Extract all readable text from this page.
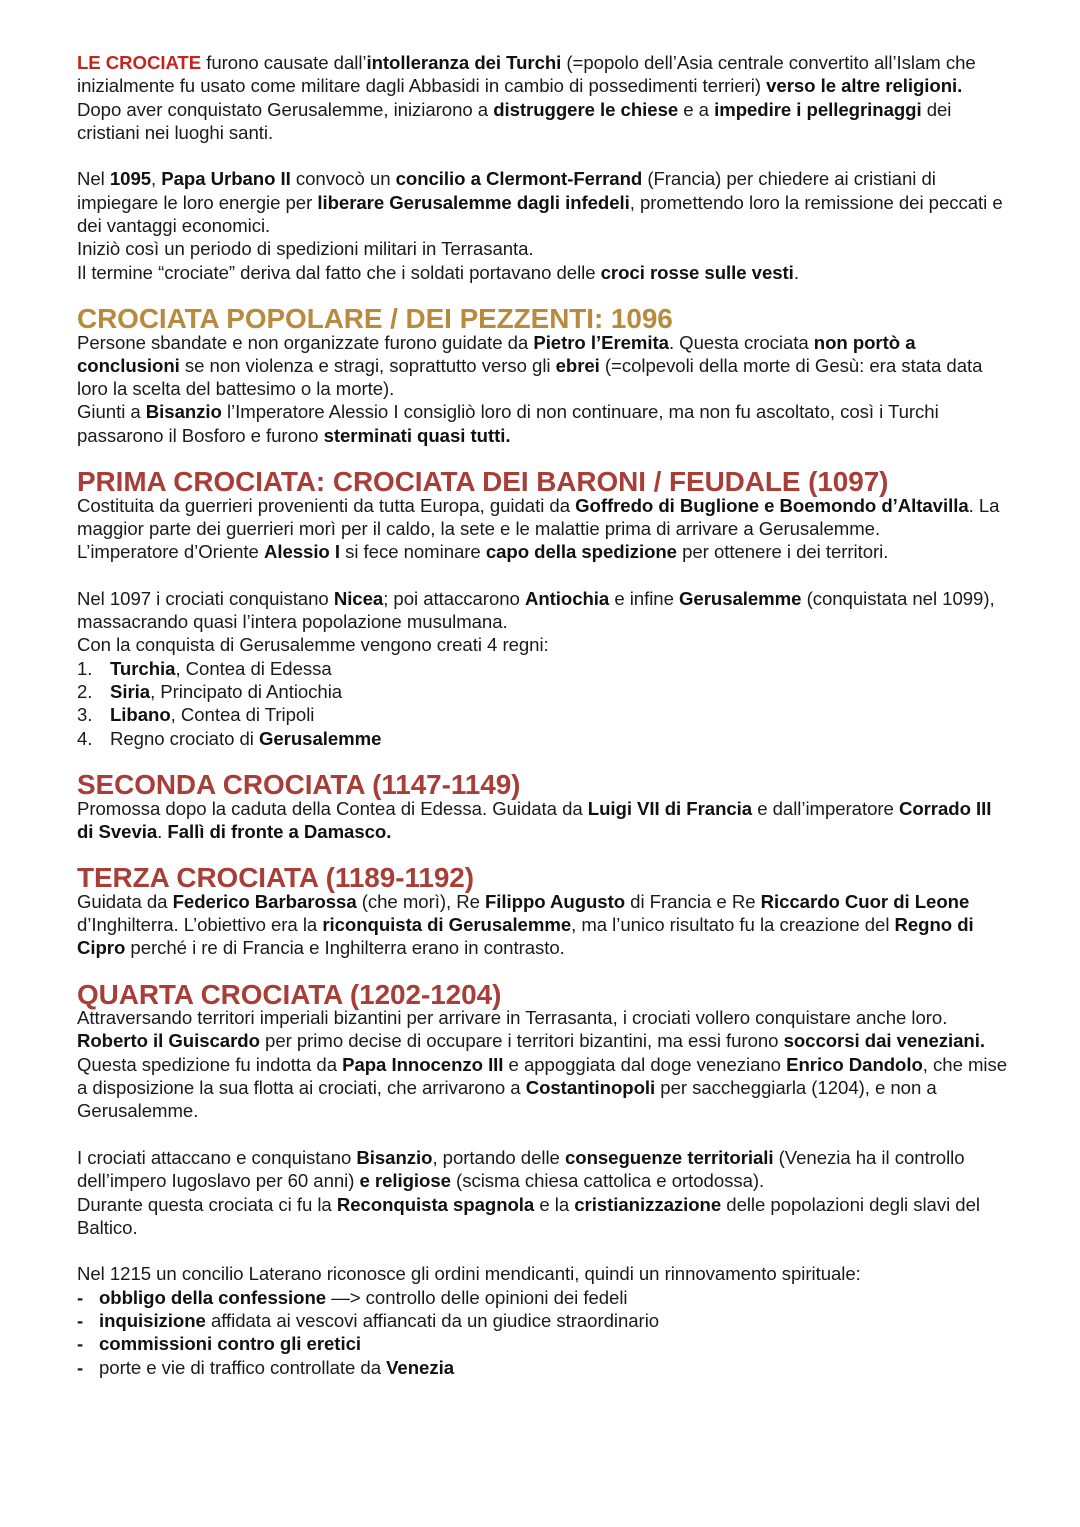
LE CROCIATE furono causate dall’intolleranza dei Turchi (=popolo dell’Asia centrale convertito all’Islam che inizialmente fu usato come militare dagli Abbasidi in cambio di possedimenti terrieri) verso le altre religioni.

Dopo aver conquistato Gerusalemme, iniziarono a distruggere le chiese e a impedire i pellegrinaggi dei cristiani nei luoghi santi.

Nel 1095, Papa Urbano II convocò un concilio a Clermont-Ferrand (Francia) per chiedere ai cristiani di impiegare le loro energie per liberare Gerusalemme dagli infedeli, promettendo loro la remissione dei peccati e dei vantaggi economici.

Iniziò così un periodo di spedizioni militari in Terrasanta.

Il termine “crociate” deriva dal fatto che i soldati portavano delle croci rosse sulle vesti.

CROCIATA POPOLARE / DEI PEZZENTI: 1096

Persone sbandate e non organizzate furono guidate da Pietro l’Eremita. Questa crociata non portò a conclusioni se non violenza e stragi, soprattutto verso gli ebrei (=colpevoli della morte di Gesù: era stata data loro la scelta del battesimo o la morte).

Giunti a Bisanzio l’Imperatore Alessio I consigliò loro di non continuare, ma non fu ascoltato, così i Turchi passarono il Bosforo e furono sterminati quasi tutti.

PRIMA CROCIATA: CROCIATA DEI BARONI / FEUDALE (1097)

Costituita da guerrieri provenienti da tutta Europa, guidati da Goffredo di Buglione e Boemondo d’Altavilla. La maggior parte dei guerrieri morì per il caldo, la sete e le malattie prima di arrivare a Gerusalemme.

L’imperatore d’Oriente Alessio I si fece nominare capo della spedizione per ottenere i dei territori.

Nel 1097 i crociati conquistano Nicea; poi attaccarono Antiochia e infine Gerusalemme (conquistata nel 1099), massacrando quasi l’intera popolazione musulmana.

Con la conquista di Gerusalemme vengono creati 4 regni:

1. Turchia, Contea di Edessa
2. Siria, Principato di Antiochia
3. Libano, Contea di Tripoli
4. Regno crociato di Gerusalemme
SECONDA CROCIATA (1147-1149)

Promossa dopo la caduta della Contea di Edessa. Guidata da Luigi VII di Francia e dall’imperatore Corrado III di Svevia. Fallì di fronte a Damasco.

TERZA CROCIATA (1189-1192)

Guidata da Federico Barbarossa (che morì), Re Filippo Augusto di Francia e Re Riccardo Cuor di Leone d’Inghilterra. L’obiettivo era la riconquista di Gerusalemme, ma l’unico risultato fu la creazione del Regno di Cipro perché i re di Francia e Inghilterra erano in contrasto.

QUARTA CROCIATA (1202-1204)

Attraversando territori imperiali bizantini per arrivare in Terrasanta, i crociati vollero conquistare anche loro. Roberto il Guiscardo per primo decise di occupare i territori bizantini, ma essi furono soccorsi dai veneziani.

Questa spedizione fu indotta da Papa Innocenzo III e appoggiata dal doge veneziano Enrico Dandolo, che mise a disposizione la sua flotta ai crociati, che arrivarono a Costantinopoli per saccheggiarla (1204), e non a Gerusalemme.

I crociati attaccano e conquistano Bisanzio, portando delle conseguenze territoriali (Venezia ha il controllo dell’impero Iugoslavo per 60 anni) e religiose (scisma chiesa cattolica e ortodossa).

Durante questa crociata ci fu la Reconquista spagnola e la cristianizzazione delle popolazioni degli slavi del Baltico.

Nel 1215 un concilio Laterano riconosce gli ordini mendicanti, quindi un rinnovamento spirituale:

- obbligo della confessione —> controllo delle opinioni dei fedeli
- inquisizione affidata ai vescovi affiancati da un giudice straordinario
- commissioni contro gli eretici
- porte e vie di traffico controllate da Venezia
